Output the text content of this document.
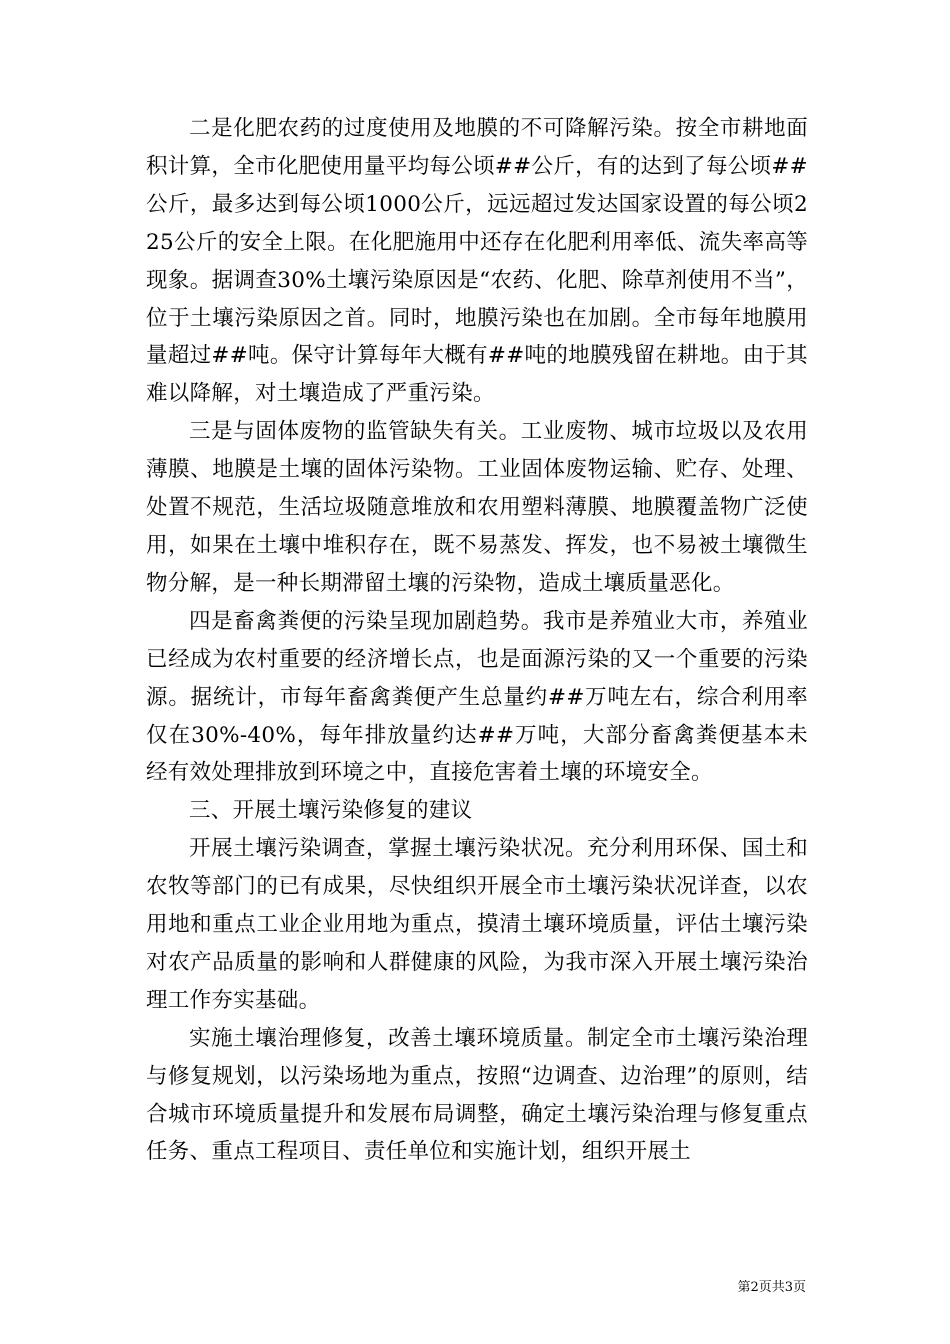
二是化肥农药的过度使用及地膜的不可降解污染。按全市耕地面积计算，全市化肥使用量平均每公顷##公斤，有的达到了每公顷##公斤，最多达到每公顷1000公斤，远远超过发达国家设置的每公顷225公斤的安全上限。在化肥施用中还存在化肥利用率低、流失率高等现象。据调查30%土壤污染原因是“农药、化肥、除草剂使用不当”，位于土壤污染原因之首。同时，地膜污染也在加剧。全市每年地膜用量超过##吨。保守计算每年大概有##吨的地膜残留在耕地。由于其难以降解，对土壤造成了严重污染。

三是与固体废物的监管缺失有关。工业废物、城市垃圾以及农用薄膜、地膜是土壤的固体污染物。工业固体废物运输、贮存、处理、处置不规范，生活垃圾随意堆放和农用塑料薄膜、地膜覆盖物广泛使用，如果在土壤中堆积存在，既不易蒸发、挥发，也不易被土壤微生物分解，是一种长期滞留土壤的污染物，造成土壤质量恶化。

四是畜禽粪便的污染呈现加剧趋势。我市是养殖业大市，养殖业已经成为农村重要的经济增长点，也是面源污染的又一个重要的污染源。据统计，市每年畜禽粪便产生总量约##万吨左右，综合利用率仅在30%-40%，每年排放量约达##万吨，大部分畜禽粪便基本未经有效处理排放到环境之中，直接危害着土壤的环境安全。

三、开展土壤污染修复的建议

开展土壤污染调查，掌握土壤污染状况。充分利用环保、国土和农牧等部门的已有成果，尽快组织开展全市土壤污染状况详查，以农用地和重点工业企业用地为重点，摸清土壤环境质量，评估土壤污染对农产品质量的影响和人群健康的风险，为我市深入开展土壤污染治理工作夯实基础。

实施土壤治理修复，改善土壤环境质量。制定全市土壤污染治理与修复规划，以污染场地为重点，按照“边调查、边治理”的原则，结合城市环境质量提升和发展布局调整，确定土壤污染治理与修复重点任务、重点工程项目、责任单位和实施计划，组织开展土

第2页共3页
